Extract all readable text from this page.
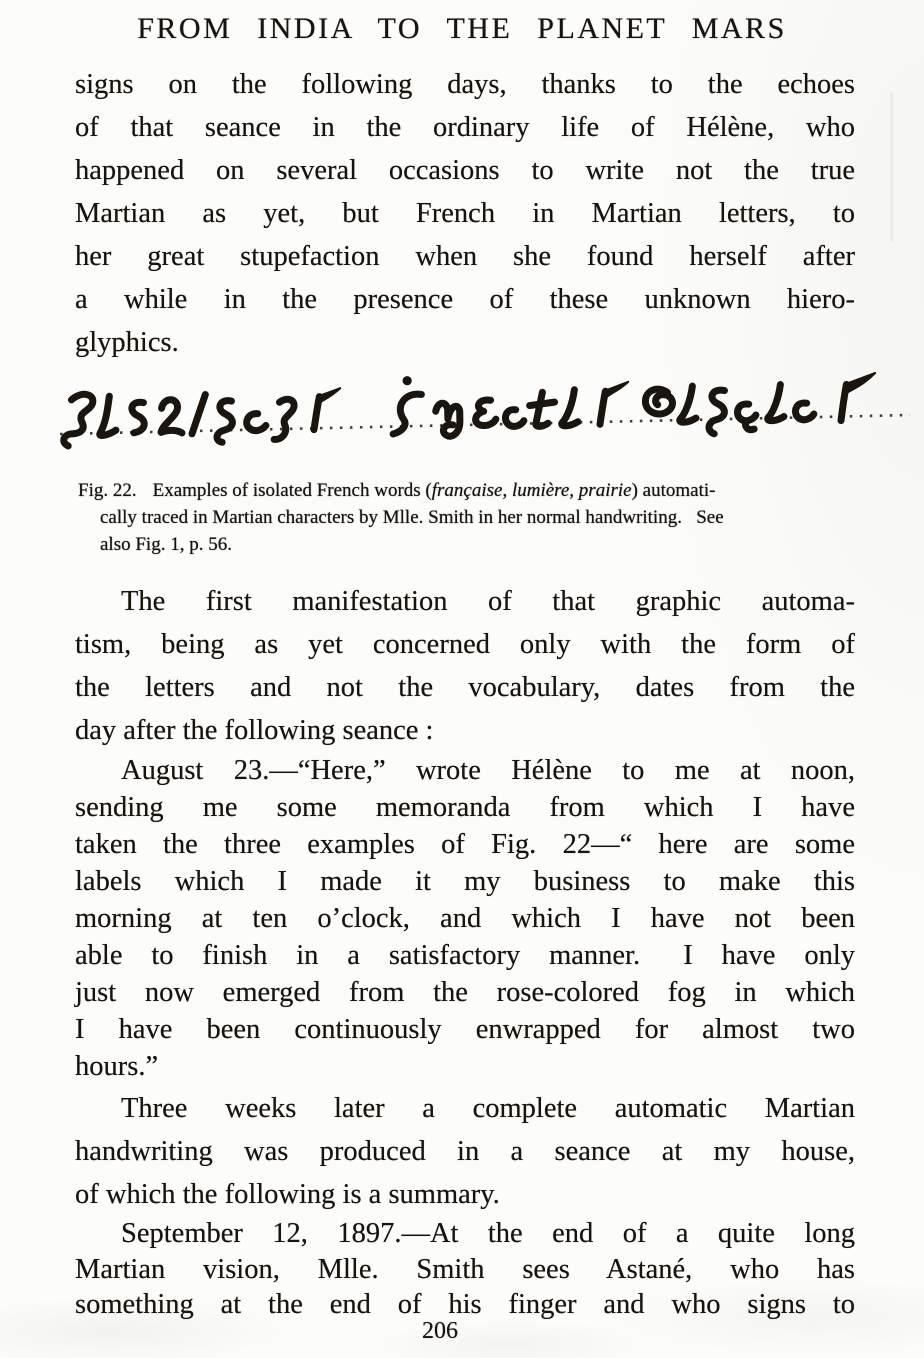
FROM INDIA TO THE PLANET MARS
signs on the following days, thanks to the echoes
of that seance in the ordinary life of Hélène, who
happened on several occasions to write not the true
Martian as yet, but French in Martian letters, to
her great stupefaction when she found herself after
a while in the presence of these unknown hiero-
glyphics.
Fig. 22. Examples of isolated French words (française, lumière, prairie) automati-
cally traced in Martian characters by Mlle. Smith in her normal handwriting.  See
also Fig. 1, p. 56.
The first manifestation of that graphic automa-
tism, being as yet concerned only with the form of
the letters and not the vocabulary, dates from the
day after the following seance :
August 23.—“Here,” wrote Hélène to me at noon,
sending me some memoranda from which I have
taken the three examples of Fig. 22—“ here are some
labels which I made it my business to make this
morning at ten o’clock, and which I have not been
able to finish in a satisfactory manner.  I have only
just now emerged from the rose-colored fog in which
I have been continuously enwrapped for almost two
hours.”
Three weeks later a complete automatic Martian
handwriting was produced in a seance at my house,
of which the following is a summary.
September 12, 1897.—At the end of a quite long
Martian vision, Mlle. Smith sees Astané, who has
something at the end of his finger and who signs to
206
